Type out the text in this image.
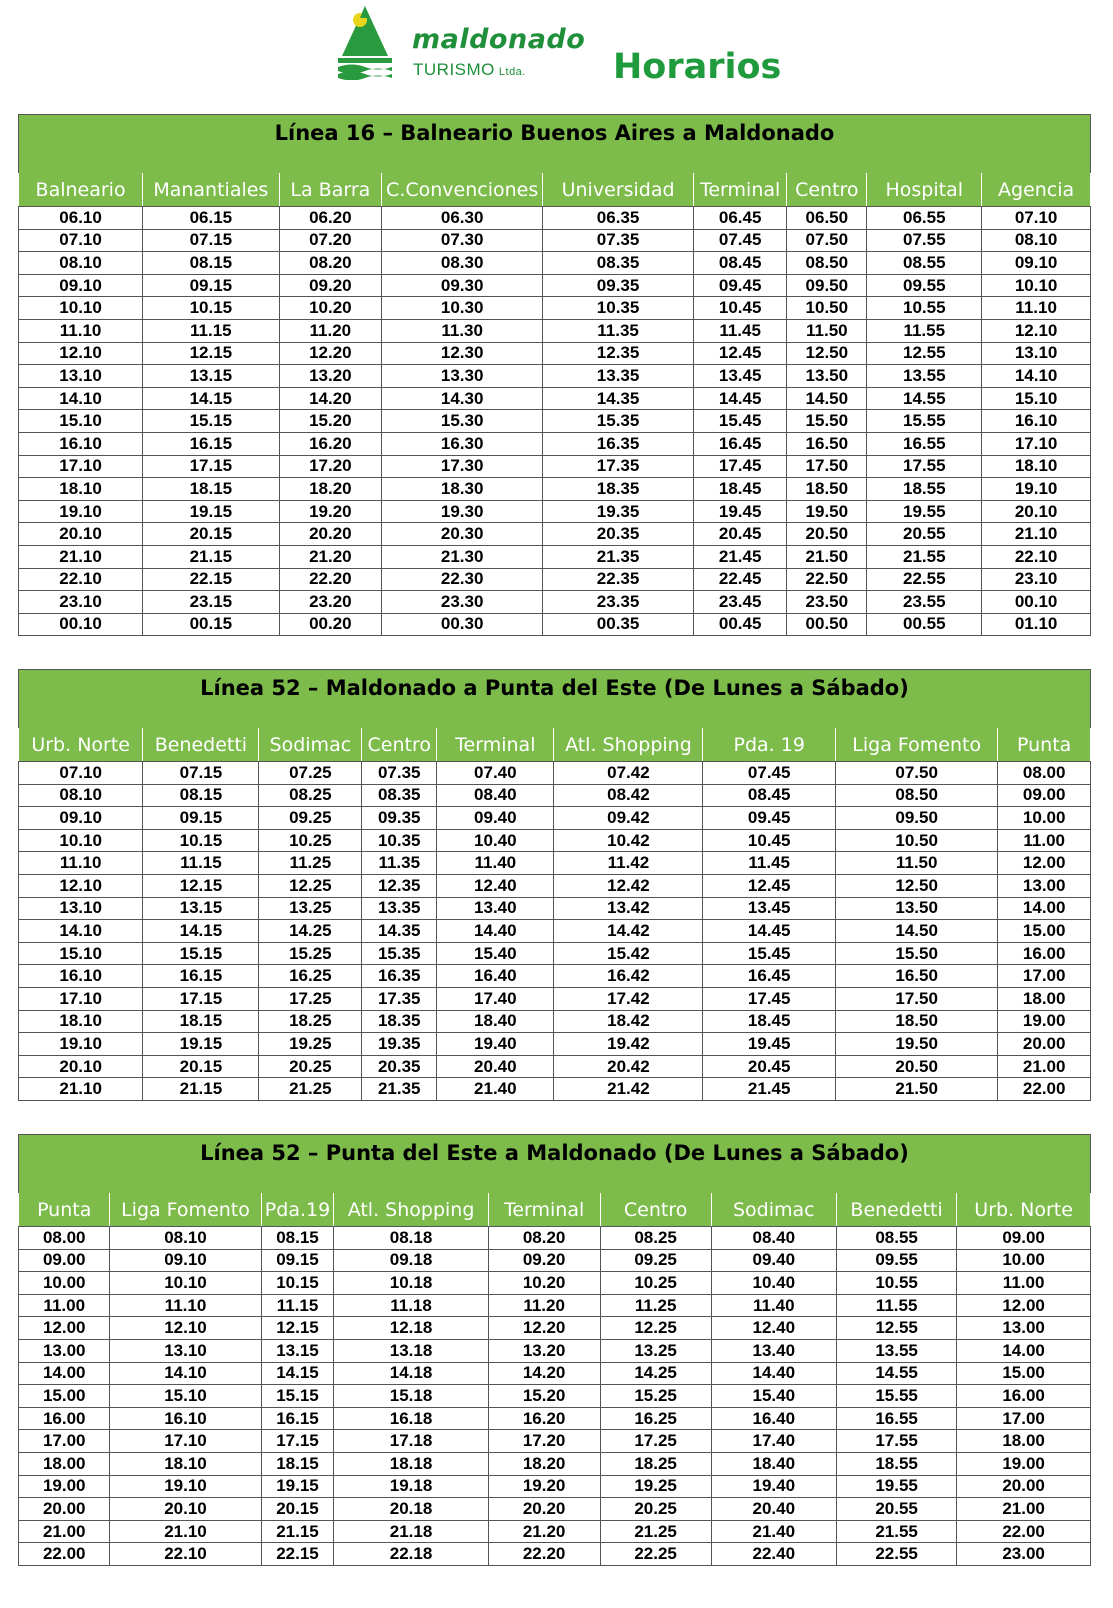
maldonado
TURISMO Ltda. Horarios
Línea 16 – Balneario Buenos Aires a Maldonado								
Balneario	Manantiales	La Barra	C.Convenciones	Universidad	Terminal	Centro	Hospital	Agencia
06.10	06.15	06.20	06.30	06.35	06.45	06.50	06.55	07.10
07.10	07.15	07.20	07.30	07.35	07.45	07.50	07.55	08.10
08.10	08.15	08.20	08.30	08.35	08.45	08.50	08.55	09.10
09.10	09.15	09.20	09.30	09.35	09.45	09.50	09.55	10.10
10.10	10.15	10.20	10.30	10.35	10.45	10.50	10.55	11.10
11.10	11.15	11.20	11.30	11.35	11.45	11.50	11.55	12.10
12.10	12.15	12.20	12.30	12.35	12.45	12.50	12.55	13.10
13.10	13.15	13.20	13.30	13.35	13.45	13.50	13.55	14.10
14.10	14.15	14.20	14.30	14.35	14.45	14.50	14.55	15.10
15.10	15.15	15.20	15.30	15.35	15.45	15.50	15.55	16.10
16.10	16.15	16.20	16.30	16.35	16.45	16.50	16.55	17.10
17.10	17.15	17.20	17.30	17.35	17.45	17.50	17.55	18.10
18.10	18.15	18.20	18.30	18.35	18.45	18.50	18.55	19.10
19.10	19.15	19.20	19.30	19.35	19.45	19.50	19.55	20.10
20.10	20.15	20.20	20.30	20.35	20.45	20.50	20.55	21.10
21.10	21.15	21.20	21.30	21.35	21.45	21.50	21.55	22.10
22.10	22.15	22.20	22.30	22.35	22.45	22.50	22.55	23.10
23.10	23.15	23.20	23.30	23.35	23.45	23.50	23.55	00.10
00.10	00.15	00.20	00.30	00.35	00.45	00.50	00.55	01.10
Línea 52 – Maldonado a Punta del Este (De Lunes a Sábado)								
Urb. Norte	Benedetti	Sodimac	Centro	Terminal	Atl. Shopping	Pda. 19	Liga Fomento	Punta
07.10	07.15	07.25	07.35	07.40	07.42	07.45	07.50	08.00
08.10	08.15	08.25	08.35	08.40	08.42	08.45	08.50	09.00
09.10	09.15	09.25	09.35	09.40	09.42	09.45	09.50	10.00
10.10	10.15	10.25	10.35	10.40	10.42	10.45	10.50	11.00
11.10	11.15	11.25	11.35	11.40	11.42	11.45	11.50	12.00
12.10	12.15	12.25	12.35	12.40	12.42	12.45	12.50	13.00
13.10	13.15	13.25	13.35	13.40	13.42	13.45	13.50	14.00
14.10	14.15	14.25	14.35	14.40	14.42	14.45	14.50	15.00
15.10	15.15	15.25	15.35	15.40	15.42	15.45	15.50	16.00
16.10	16.15	16.25	16.35	16.40	16.42	16.45	16.50	17.00
17.10	17.15	17.25	17.35	17.40	17.42	17.45	17.50	18.00
18.10	18.15	18.25	18.35	18.40	18.42	18.45	18.50	19.00
19.10	19.15	19.25	19.35	19.40	19.42	19.45	19.50	20.00
20.10	20.15	20.25	20.35	20.40	20.42	20.45	20.50	21.00
21.10	21.15	21.25	21.35	21.40	21.42	21.45	21.50	22.00
Línea 52 – Punta del Este a Maldonado (De Lunes a Sábado)								
Punta	Liga Fomento	Pda.19	Atl. Shopping	Terminal	Centro	Sodimac	Benedetti	Urb. Norte
08.00	08.10	08.15	08.18	08.20	08.25	08.40	08.55	09.00
09.00	09.10	09.15	09.18	09.20	09.25	09.40	09.55	10.00
10.00	10.10	10.15	10.18	10.20	10.25	10.40	10.55	11.00
11.00	11.10	11.15	11.18	11.20	11.25	11.40	11.55	12.00
12.00	12.10	12.15	12.18	12.20	12.25	12.40	12.55	13.00
13.00	13.10	13.15	13.18	13.20	13.25	13.40	13.55	14.00
14.00	14.10	14.15	14.18	14.20	14.25	14.40	14.55	15.00
15.00	15.10	15.15	15.18	15.20	15.25	15.40	15.55	16.00
16.00	16.10	16.15	16.18	16.20	16.25	16.40	16.55	17.00
17.00	17.10	17.15	17.18	17.20	17.25	17.40	17.55	18.00
18.00	18.10	18.15	18.18	18.20	18.25	18.40	18.55	19.00
19.00	19.10	19.15	19.18	19.20	19.25	19.40	19.55	20.00
20.00	20.10	20.15	20.18	20.20	20.25	20.40	20.55	21.00
21.00	21.10	21.15	21.18	21.20	21.25	21.40	21.55	22.00
22.00	22.10	22.15	22.18	22.20	22.25	22.40	22.55	23.00
